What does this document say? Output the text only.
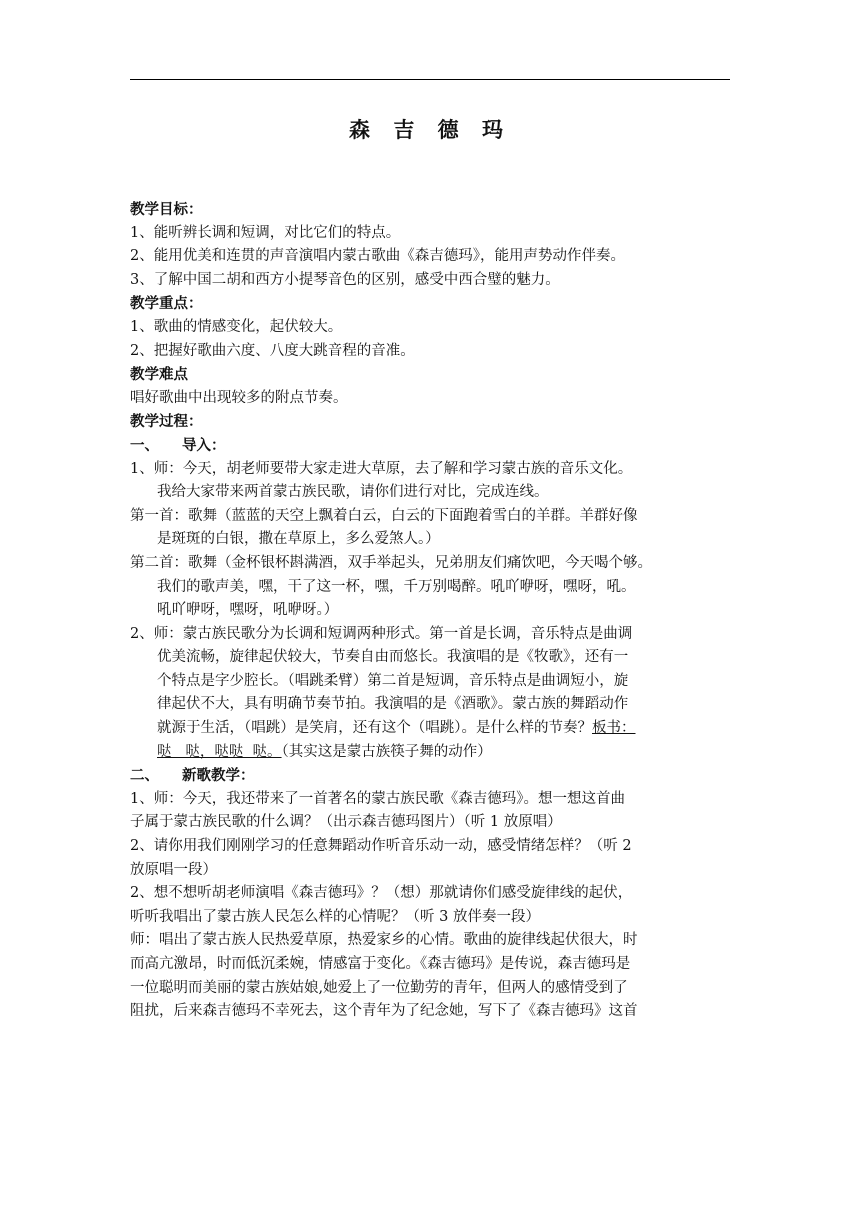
森 吉 德 玛
教学目标：
1、能听辨长调和短调，对比它们的特点。
2、能用优美和连贯的声音演唱内蒙古歌曲《森吉德玛》，能用声势动作伴奏。
3、了解中国二胡和西方小提琴音色的区别，感受中西合璧的魅力。
教学重点：
1、歌曲的情感变化，起伏较大。
2、把握好歌曲六度、八度大跳音程的音准。
教学难点
唱好歌曲中出现较多的附点节奏。
教学过程：
一、 导入：
1、师：今天，胡老师要带大家走进大草原，去了解和学习蒙古族的音乐文化。
我给大家带来两首蒙古族民歌，请你们进行对比，完成连线。
第一首：歌舞（蓝蓝的天空上飘着白云，白云的下面跑着雪白的羊群。羊群好像
是斑斑的白银，撒在草原上，多么爱煞人。）
第二首：歌舞（金杯银杯斟满酒，双手举起头，兄弟朋友们痛饮吧，今天喝个够。
我们的歌声美，嘿，干了这一杯，嘿，千万别喝醉。吼吖咿呀，嘿呀，吼。
吼吖咿呀，嘿呀，吼咿呀。）
2、师：蒙古族民歌分为长调和短调两种形式。第一首是长调，音乐特点是曲调
优美流畅，旋律起伏较大，节奏自由而悠长。我演唱的是《牧歌》，还有一
个特点是字少腔长。（唱跳柔臂）第二首是短调，音乐特点是曲调短小，旋
律起伏不大，具有明确节奏节拍。我演唱的是《酒歌》。蒙古族的舞蹈动作
就源于生活，（唱跳）是笑肩，还有这个（唱跳）。是什么样的节奏？板书：
哒   哒，哒哒  哒。（其实这是蒙古族筷子舞的动作）
二、 新歌教学：
1、师：今天，我还带来了一首著名的蒙古族民歌《森吉德玛》。想一想这首曲
子属于蒙古族民歌的什么调？（出示森吉德玛图片）（听 1 放原唱）
2、请你用我们刚刚学习的任意舞蹈动作听音乐动一动，感受情绪怎样？（听 2
放原唱一段）
2、想不想听胡老师演唱《森吉德玛》？（想）那就请你们感受旋律线的起伏，
听听我唱出了蒙古族人民怎么样的心情呢？（听 3 放伴奏一段）
师：唱出了蒙古族人民热爱草原，热爱家乡的心情。歌曲的旋律线起伏很大，时
而高亢激昂，时而低沉柔婉，情感富于变化。《森吉德玛》是传说，森吉德玛是
一位聪明而美丽的蒙古族姑娘,她爱上了一位勤劳的青年，但两人的感情受到了
阻扰，后来森吉德玛不幸死去，这个青年为了纪念她，写下了《森吉德玛》这首
